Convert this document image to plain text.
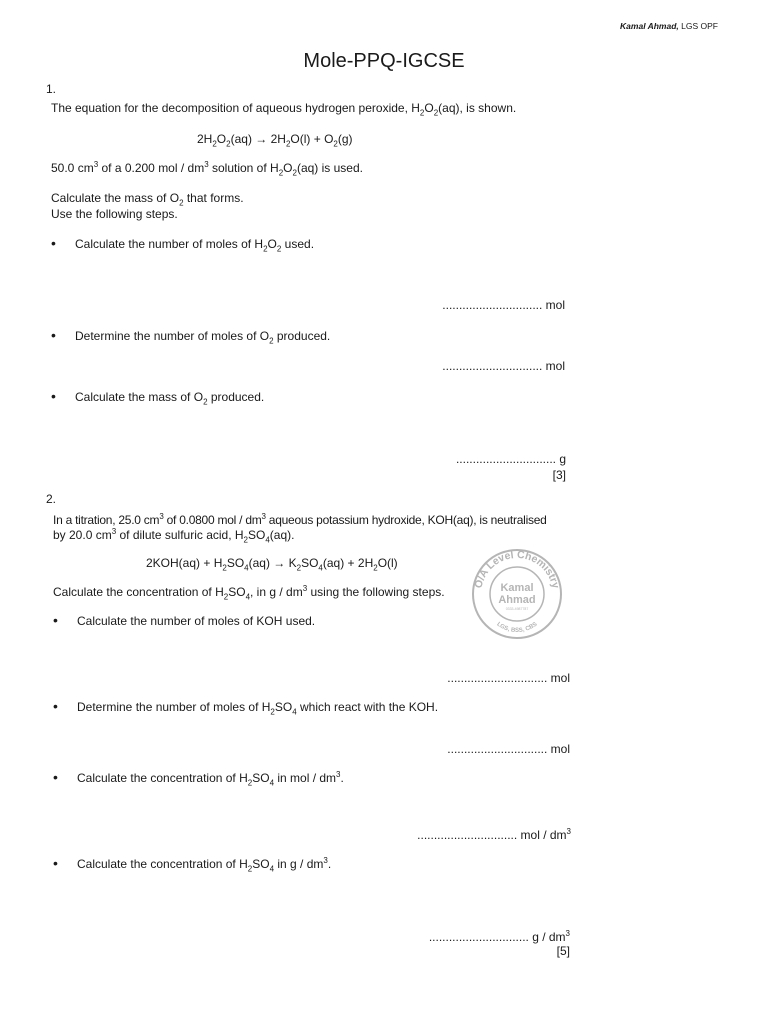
Kamal Ahmad, LGS OPF
Mole-PPQ-IGCSE
1.
The equation for the decomposition of aqueous hydrogen peroxide, $H_2O_2(aq)$, is shown.
$2H_2O_2(aq) \to 2H_2O(l) + O_2(g)$
50.0 $cm^3$ of a 0.200 mol / $dm^3$ solution of $H_2O_2(aq)$ is used.
Calculate the mass of $O_2$ that forms.
Use the following steps.
• Calculate the number of moles of $H_2O_2$ used.
.............................. mol
• Determine the number of moles of $O_2$ produced.
.............................. mol
• Calculate the mass of $O_2$ produced.
.............................. g
[3]
2.
In a titration, 25.0 $cm^3$ of 0.0800 mol / $dm^3$ aqueous potassium hydroxide, KOH(aq), is neutralised
by 20.0 $cm^3$ of dilute sulfuric acid, $H_2SO_4(aq)$.
$2KOH(aq) + H_2SO_4(aq) \to K_2SO_4(aq) + 2H_2O(l)$
Calculate the concentration of $H_2SO_4$, in g / $dm^3$ using the following steps.
• Calculate the number of moles of KOH used.
.............................. mol
• Determine the number of moles of $H_2SO_4$ which react with the KOH.
.............................. mol
• Calculate the concentration of $H_2SO_4$ in mol / $dm^3$.
.............................. mol / $dm^3$
• Calculate the concentration of $H_2SO_4$ in g / $dm^3$.
.............................. g / $dm^3$
[5]
O/A Level Chemistry
LGS, BSS, CBS
Kamal
Ahmad
0333-4987787
